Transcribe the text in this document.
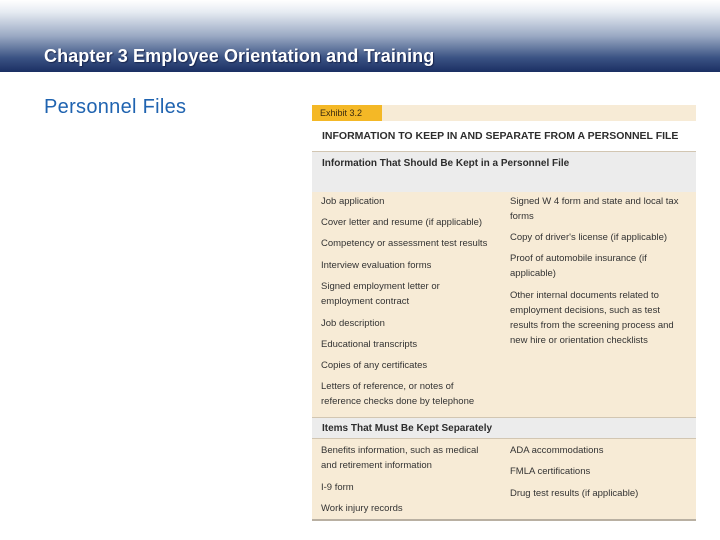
Chapter 3 Employee Orientation and Training
Personnel Files	Exhibit 3.2
INFORMATION TO KEEP IN AND SEPARATE FROM A PERSONNEL FILE
Information That Should Be Kept in a Personnel File
Job application
Cover letter and resume (if applicable)
Competency or assessment test results
Interview evaluation forms
Signed employment letter or employment contract
Job description
Educational transcripts
Copies of any certificates
Letters of reference, or notes of reference checks done by telephone
Signed W 4 form and state and local tax forms
Copy of driver's license (if applicable)
Proof of automobile insurance (if applicable)
Other internal documents related to employment decisions, such as test results from the screening process and new hire or orientation checklists
Items That Must Be Kept Separately
Benefits information, such as medical and retirement information
I-9 form
Work injury records
ADA accommodations
FMLA certifications
Drug test results (if applicable)
